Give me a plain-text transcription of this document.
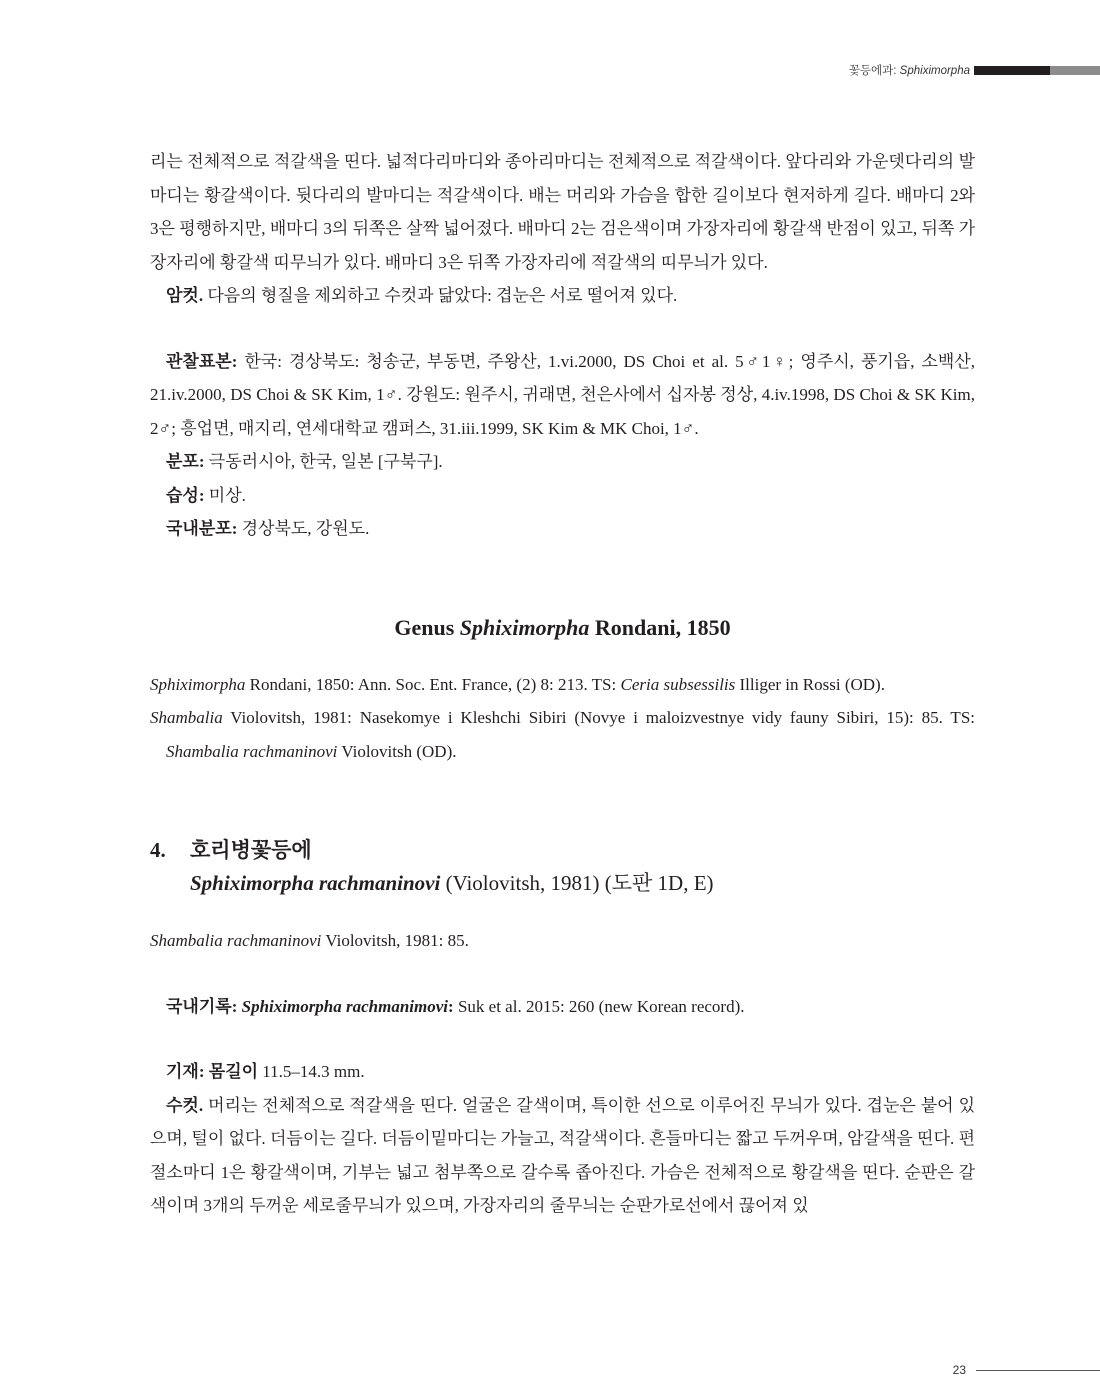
꽃등에과: Sphiximorpha

리는 전체적으로 적갈색을 띤다. 넓적다리마디와 종아리마디는 전체적으로 적갈색이다. 앞다리와 가운뎃다리의 발마디는 황갈색이다. 뒷다리의 발마디는 적갈색이다. 배는 머리와 가슴을 합한 길이보다 현저하게 길다. 배마디 2와 3은 평행하지만, 배마디 3의 뒤쪽은 살짝 넓어졌다. 배마디 2는 검은색이며 가장자리에 황갈색 반점이 있고, 뒤쪽 가장자리에 황갈색 띠무늬가 있다. 배마디 3은 뒤쪽 가장자리에 적갈색의 띠무늬가 있다.

암컷. 다음의 형질을 제외하고 수컷과 닮았다: 겹눈은 서로 떨어져 있다.

관찰표본: 한국: 경상북도: 청송군, 부동면, 주왕산, 1.vi.2000, DS Choi et al. 5♂1♀; 영주시, 풍기읍, 소백산, 21.iv.2000, DS Choi & SK Kim, 1♂. 강원도: 원주시, 귀래면, 천은사에서 십자봉 정상, 4.iv.1998, DS Choi & SK Kim, 2♂; 흥업면, 매지리, 연세대학교 캠퍼스, 31.iii.1999, SK Kim & MK Choi, 1♂.

분포: 극동러시아, 한국, 일본 [구북구].

습성: 미상.

국내분포: 경상북도, 강원도.

Genus Sphiximorpha Rondani, 1850

Sphiximorpha Rondani, 1850: Ann. Soc. Ent. France, (2) 8: 213. TS: Ceria subsessilis Illiger in Rossi (OD).

Shambalia Violovitsh, 1981: Nasekomye i Kleshchi Sibiri (Novye i maloizvestnye vidy fauny Sibiri, 15): 85. TS: Shambalia rachmaninovi Violovitsh (OD).

4. 호리병꽃등에
Sphiximorpha rachmaninovi (Violovitsh, 1981) (도판 1D, E)

Shambalia rachmaninovi Violovitsh, 1981: 85.

국내기록: Sphiximorpha rachmanimovi: Suk et al. 2015: 260 (new Korean record).

기재: 몸길이 11.5–14.3 mm.

수컷. 머리는 전체적으로 적갈색을 띤다. 얼굴은 갈색이며, 특이한 선으로 이루어진 무늬가 있다. 겹눈은 붙어 있으며, 털이 없다. 더듬이는 길다. 더듬이밑마디는 가늘고, 적갈색이다. 흔들마디는 짧고 두꺼우며, 암갈색을 띤다. 편절소마디 1은 황갈색이며, 기부는 넓고 첨부쪽으로 갈수록 좁아진다. 가슴은 전체적으로 황갈색을 띤다. 순판은 갈색이며 3개의 두꺼운 세로줄무늬가 있으며, 가장자리의 줄무늬는 순판가로선에서 끊어져 있

23
